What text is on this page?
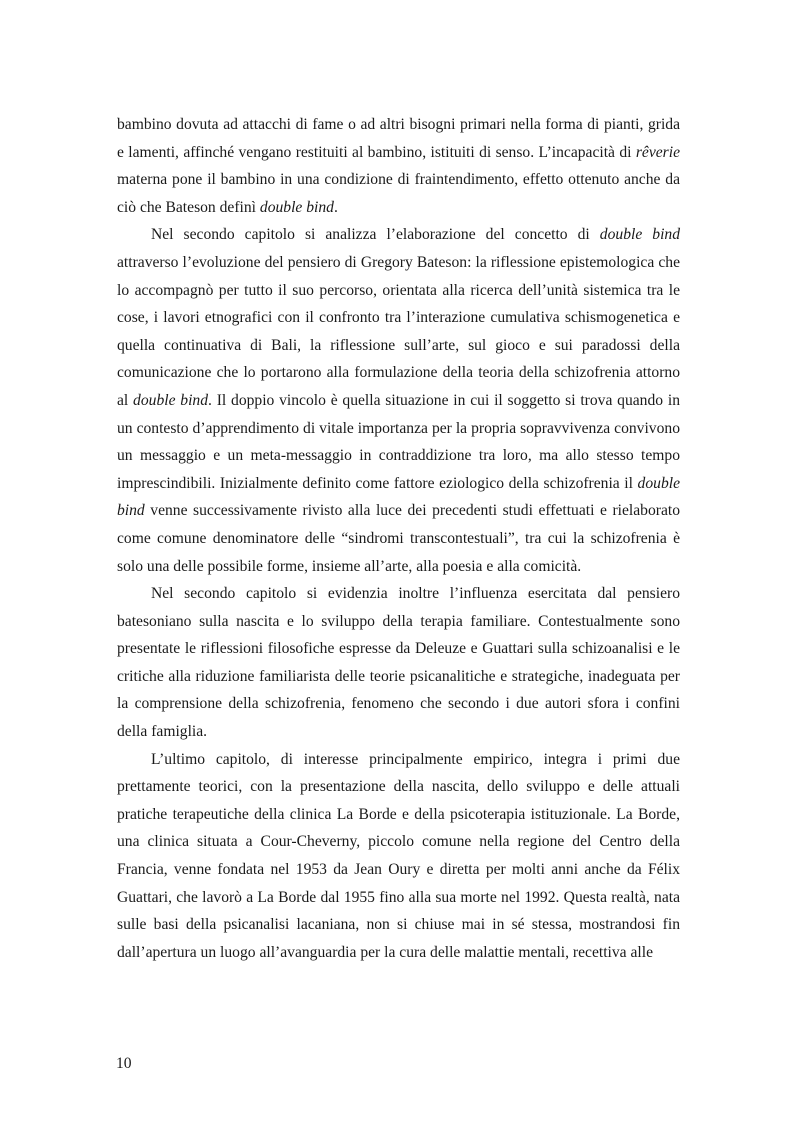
bambino dovuta ad attacchi di fame o ad altri bisogni primari nella forma di pianti, grida e lamenti, affinché vengano restituiti al bambino, istituiti di senso. L’incapacità di rêverie materna pone il bambino in una condizione di fraintendimento, effetto ottenuto anche da ciò che Bateson definì double bind.

Nel secondo capitolo si analizza l’elaborazione del concetto di double bind attraverso l’evoluzione del pensiero di Gregory Bateson: la riflessione epistemologica che lo accompagnò per tutto il suo percorso, orientata alla ricerca dell’unità sistemica tra le cose, i lavori etnografici con il confronto tra l’interazione cumulativa schismogenetica e quella continuativa di Bali, la riflessione sull’arte, sul gioco e sui paradossi della comunicazione che lo portarono alla formulazione della teoria della schizofrenia attorno al double bind. Il doppio vincolo è quella situazione in cui il soggetto si trova quando in un contesto d’apprendimento di vitale importanza per la propria sopravvivenza convivono un messaggio e un meta-messaggio in contraddizione tra loro, ma allo stesso tempo imprescindibili. Inizialmente definito come fattore eziologico della schizofrenia il double bind venne successivamente rivisto alla luce dei precedenti studi effettuati e rielaborato come comune denominatore delle “sindromi transcontestuali”, tra cui la schizofrenia è solo una delle possibile forme, insieme all’arte, alla poesia e alla comicità.

Nel secondo capitolo si evidenzia inoltre l’influenza esercitata dal pensiero batesoniano sulla nascita e lo sviluppo della terapia familiare. Contestualmente sono presentate le riflessioni filosofiche espresse da Deleuze e Guattari sulla schizoanalisi e le critiche alla riduzione familiarista delle teorie psicanalitiche e strategiche, inadeguata per la comprensione della schizofrenia, fenomeno che secondo i due autori sfora i confini della famiglia.

L’ultimo capitolo, di interesse principalmente empirico, integra i primi due prettamente teorici, con la presentazione della nascita, dello sviluppo e delle attuali pratiche terapeutiche della clinica La Borde e della psicoterapia istituzionale. La Borde, una clinica situata a Cour-Cheverny, piccolo comune nella regione del Centro della Francia, venne fondata nel 1953 da Jean Oury e diretta per molti anni anche da Félix Guattari, che lavorò a La Borde dal 1955 fino alla sua morte nel 1992. Questa realtà, nata sulle basi della psicanalisi lacaniana, non si chiuse mai in sé stessa, mostrandosi fin dall’apertura un luogo all’avanguardia per la cura delle malattie mentali, recettiva alle

10
